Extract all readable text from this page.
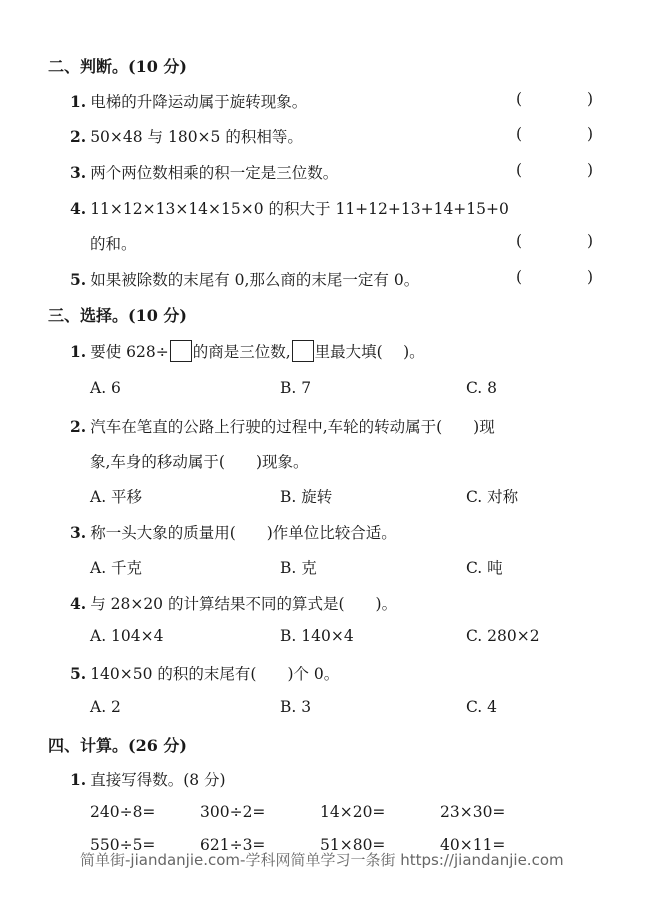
二、判断。(10 分)
1. 电梯的升降运动属于旋转现象。	( )
2. 50×48 与 180×5 的积相等。	( )
3. 两个两位数相乘的积一定是三位数。	( )
4. 11×12×13×14×15×0 的积大于 11+12+13+14+15+0
的和。	( )
5. 如果被除数的末尾有 0,那么商的末尾一定有 0。	( )
三、选择。(10 分)
1. 要使 628÷ 的商是三位数, 里最大填(　 )。
A. 6	B. 7	C. 8
2. 汽车在笔直的公路上行驶的过程中,车轮的转动属于(　　)现
象,车身的移动属于(　　)现象。
A. 平移	B. 旋转	C. 对称
3. 称一头大象的质量用(　　)作单位比较合适。
A. 千克	B. 克	C. 吨
4. 与 28×20 的计算结果不同的算式是(　　)。
A. 104×4	B. 140×4	C. 280×2
5. 140×50 的积的末尾有(　　)个 0。
A. 2	B. 3	C. 4
四、计算。(26 分)
1. 直接写得数。(8 分)
240÷8=	300÷2=	14×20=	23×30=
550÷5=	621÷3=	51×80=	40×11=
简单街-jiandanjie.com-学科网简单学习一条街 https://jiandanjie.com
